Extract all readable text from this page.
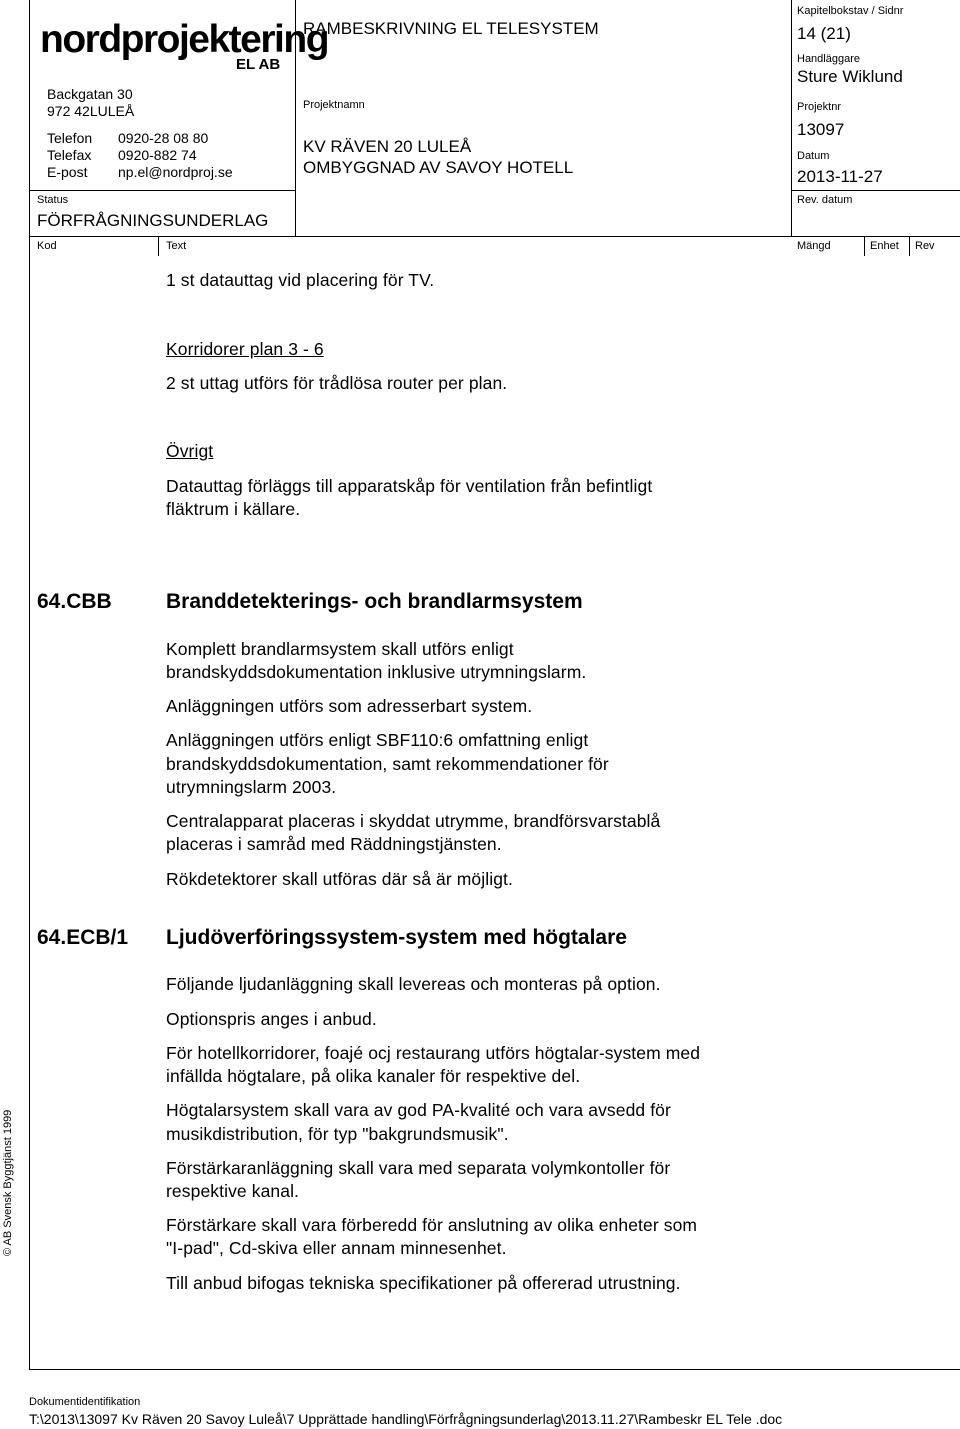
nordprojektering
EL AB
Backgatan 30
972 42LULEÅ
Telefon 0920-28 08 80
Telefax 0920-882 74
E-post np.el@nordproj.se
Status
FÖRFRÅGNINGSUNDERLAG
RAMBESKRIVNING EL TELESYSTEM
Projektnamn
KV RÄVEN 20 LULEÅ
OMBYGGNAD AV SAVOY HOTELL
Kapitelbokstav / Sidnr
14 (21)
Handläggare
Sture Wiklund
Projektnr
13097
Datum
2013-11-27
Rev. datum
Kod	Text	Mängd	Enhet Rev
1 st datauttag vid placering för TV.
Korridorer plan 3 - 6
2 st uttag utförs för trådlösa router per plan.
Övrigt
Datauttag förläggs till apparatskåp för ventilation från befintligt
fläktrum i källare.
64.CBB	Branddetekterings- och brandlarmsystem
Komplett brandlarmsystem skall utförs enligt
brandskyddsdokumentation inklusive utrymningslarm.
Anläggningen utförs som adresserbart system.
Anläggningen utförs enligt SBF110:6 omfattning enligt
brandskyddsdokumentation, samt rekommendationer för
utrymningslarm 2003.
Centralapparat placeras i skyddat utrymme, brandförsvarstablå
placeras i samråd med Räddningstjänsten.
Rökdetektorer skall utföras där så är möjligt.
64.ECB/1 Ljudöverföringssystem-system med högtalare
Följande ljudanläggning skall levereas och monteras på option.
Optionspris anges i anbud.
För hotellkorridorer, foajé ocj restaurang utförs högtalar-system med
infällda högtalare, på olika kanaler för respektive del.
Högtalarsystem skall vara av god PA-kvalité och vara avsedd för
musikdistribution, för typ "bakgrundsmusik".
Förstärkaranläggning skall vara med separata volymkontoller för
respektive kanal.
Förstärkare skall vara förberedd för anslutning av olika enheter som
"I-pad", Cd-skiva eller annam minnesenhet.
Till anbud bifogas tekniska specifikationer på offererad utrustning.
© AB Svensk Byggtjänst 1999
Dokumentidentifikation
T:\2013\13097 Kv Räven 20 Savoy Luleå\7 Upprättade handling\Förfrågningsunderlag\2013.11.27\Rambeskr EL Tele .doc
